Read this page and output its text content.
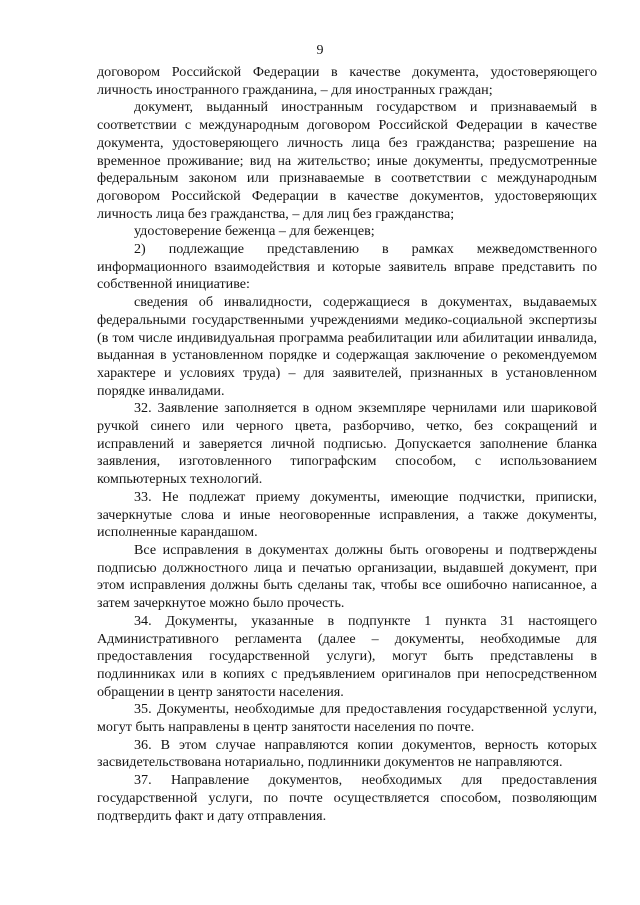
9

договором Российской Федерации в качестве документа, удостоверяющего личность иностранного гражданина, – для иностранных граждан;

документ, выданный иностранным государством и признаваемый в соответствии с международным договором Российской Федерации в качестве документа, удостоверяющего личность лица без гражданства; разрешение на временное проживание; вид на жительство; иные документы, предусмотренные федеральным законом или признаваемые в соответствии с международным договором Российской Федерации в качестве документов, удостоверяющих личность лица без гражданства, – для лиц без гражданства;

удостоверение беженца – для беженцев;

2) подлежащие представлению в рамках межведомственного информационного взаимодействия и которые заявитель вправе представить по собственной инициативе:

сведения об инвалидности, содержащиеся в документах, выдаваемых федеральными государственными учреждениями медико-социальной экспертизы (в том числе индивидуальная программа реабилитации или абилитации инвалида, выданная в установленном порядке и содержащая заключение о рекомендуемом характере и условиях труда) – для заявителей, признанных в установленном порядке инвалидами.

32. Заявление заполняется в одном экземпляре чернилами или шариковой ручкой синего или черного цвета, разборчиво, четко, без сокращений и исправлений и заверяется личной подписью. Допускается заполнение бланка заявления, изготовленного типографским способом, с использованием компьютерных технологий.

33. Не подлежат приему документы, имеющие подчистки, приписки, зачеркнутые слова и иные неоговоренные исправления, а также документы, исполненные карандашом.

Все исправления в документах должны быть оговорены и подтверждены подписью должностного лица и печатью организации, выдавшей документ, при этом исправления должны быть сделаны так, чтобы все ошибочно написанное, а затем зачеркнутое можно было прочесть.

34. Документы, указанные в подпункте 1 пункта 31 настоящего Административного регламента (далее – документы, необходимые для предоставления государственной услуги), могут быть представлены в подлинниках или в копиях с предъявлением оригиналов при непосредственном обращении в центр занятости населения.

35. Документы, необходимые для предоставления государственной услуги, могут быть направлены в центр занятости населения по почте.

36. В этом случае направляются копии документов, верность которых засвидетельствована нотариально, подлинники документов не направляются.

37. Направление документов, необходимых для предоставления государственной услуги, по почте осуществляется способом, позволяющим подтвердить факт и дату отправления.
